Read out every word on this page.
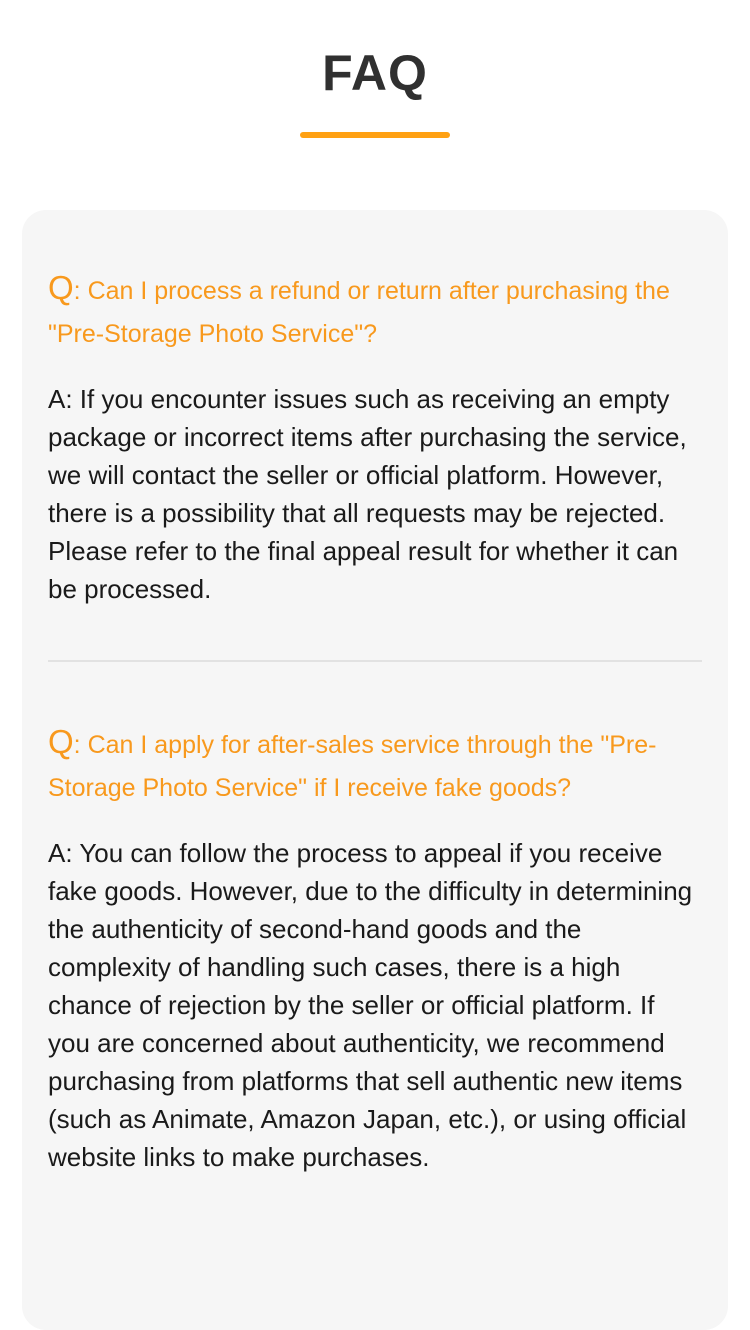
FAQ
Q: Can I process a refund or return after purchasing the "Pre-Storage Photo Service"?

A: If you encounter issues such as receiving an empty package or incorrect items after purchasing the service, we will contact the seller or official platform. However, there is a possibility that all requests may be rejected. Please refer to the final appeal result for whether it can be processed.

Q: Can I apply for after-sales service through the "Pre-Storage Photo Service" if I receive fake goods?

A: You can follow the process to appeal if you receive fake goods. However, due to the difficulty in determining the authenticity of second-hand goods and the complexity of handling such cases, there is a high chance of rejection by the seller or official platform. If you are concerned about authenticity, we recommend purchasing from platforms that sell authentic new items (such as Animate, Amazon Japan, etc.), or using official website links to make purchases.
